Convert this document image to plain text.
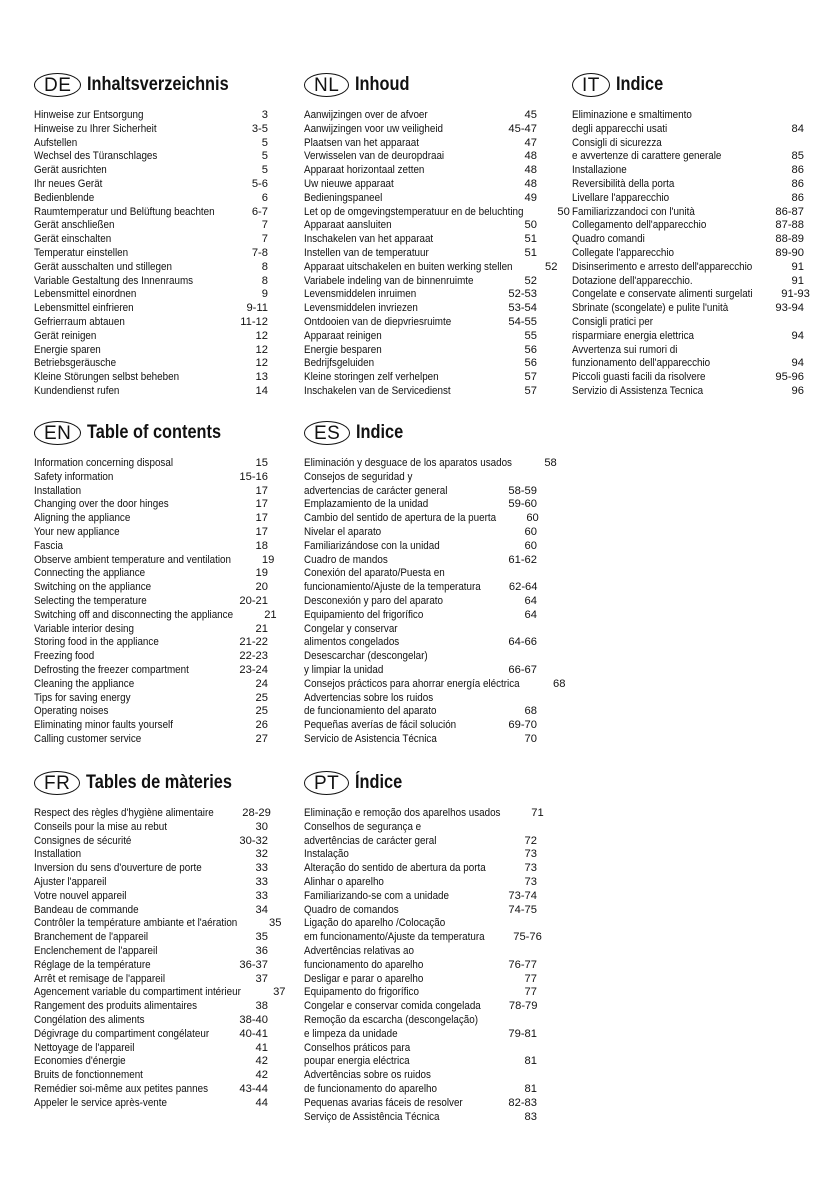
DE Inhaltsverzeichnis
Hinweise zur Entsorgung	3
Hinweise zu Ihrer Sicherheit	3-5
Aufstellen	5
Wechsel des Türanschlages	5
Gerät ausrichten	5
Ihr neues Gerät	5-6
Bedienblende	6
Raumtemperatur und Belüftung beachten	6-7
Gerät anschließen	7
Gerät einschalten	7
Temperatur einstellen	7-8
Gerät ausschalten und stillegen	8
Variable Gestaltung des Innenraums	8
Lebensmittel einordnen	9
Lebensmittel einfrieren	9-11
Gefrierraum abtauen	11-12
Gerät reinigen	12
Energie sparen	12
Betriebsgeräusche	12
Kleine Störungen selbst beheben	13
Kundendienst rufen	14
NL Inhoud
Aanwijzingen over de afvoer	45
Aanwijzingen voor uw veiligheid	45-47
Plaatsen van het apparaat	47
Verwisselen van de deuropdraai	48
Apparaat horizontaal zetten	48
Uw nieuwe apparaat	48
Bedieningspaneel	49
Let op de omgevingstemperatuur en de beluchting	50
Apparaat aansluiten	50
Inschakelen van het apparaat	51
Instellen van de temperatuur	51
Apparaat uitschakelen en buiten werking stellen	52
Variabele indeling van de binnenruimte	52
Levensmiddelen inruimen	52-53
Levensmiddelen invriezen	53-54
Ontdooien van de diepvriesruimte	54-55
Apparaat reinigen	55
Energie besparen	56
Bedrijfsgeluiden	56
Kleine storingen zelf verhelpen	57
Inschakelen van de Servicedienst	57
IT Indice
Eliminazione e smaltimento
degli apparecchi usati	84
Consigli di sicurezza
e avvertenze di carattere generale	85
Installazione	86
Reversibilità della porta	86
Livellare l'apparecchio	86
Familiarizzandoci con l'unità	86-87
Collegamento dell'apparecchio	87-88
Quadro comandi	88-89
Collegate l'apparecchio	89-90
Disinserimento e arresto dell'apparecchio	91
Dotazione dell'apparecchio.	91
Congelate e conservate alimenti surgelati	91-93
Sbrinate (scongelate) e pulite l'unità	93-94
Consigli pratici per
risparmiare energia elettrica	94
Avvertenza sui rumori di
funzionamento dell'apparecchio	94
Piccoli guasti facili da risolvere	95-96
Servizio di Assistenza Tecnica	96
EN Table of contents
Information concerning disposal	15
Safety information	15-16
Installation	17
Changing over the door hinges	17
Aligning the appliance	17
Your new appliance	17
Fascia	18
Observe ambient temperature and ventilation	19
Connecting the appliance	19
Switching on the appliance	20
Selecting the temperature	20-21
Switching off and disconnecting the appliance	21
Variable interior desing	21
Storing food in the appliance	21-22
Freezing food	22-23
Defrosting the freezer compartment	23-24
Cleaning the appliance	24
Tips for saving energy	25
Operating noises	25
Eliminating minor faults yourself	26
Calling customer service	27
ES Indice
Eliminación y desguace de los aparatos usados	58
Consejos de seguridad y
advertencias de carácter general	58-59
Emplazamiento de la unidad	59-60
Cambio del sentido de apertura de la puerta	60
Nivelar el aparato	60
Familiarizándose con la unidad	60
Cuadro de mandos	61-62
Conexión del aparato/Puesta en
funcionamiento/Ajuste de la temperatura	62-64
Desconexión y paro del aparato	64
Equipamiento del frigorífico	64
Congelar y conservar
alimentos congelados	64-66
Desescarchar (descongelar)
y limpiar la unidad	66-67
Consejos prácticos para ahorrar energía eléctrica	68
Advertencias sobre los ruidos
de funcionamiento del aparato	68
Pequeñas averías de fácil solución	69-70
Servicio de Asistencia Técnica	70
FR Tables de màteries
Respect des règles d'hygiène alimentaire	28-29
Conseils pour la mise au rebut	30
Consignes de sécurité	30-32
Installation	32
Inversion du sens d'ouverture de porte	33
Ajuster l'appareil	33
Votre nouvel appareil	33
Bandeau de commande	34
Contrôler la température ambiante et l'aération	35
Branchement de l'appareil	35
Enclenchement de l'appareil	36
Réglage de la température	36-37
Arrêt et remisage de l'appareil	37
Agencement variable du compartiment intérieur	37
Rangement des produits alimentaires	38
Congélation des aliments	38-40
Dégivrage du compartiment congélateur	40-41
Nettoyage de l'appareil	41
Economies d'énergie	42
Bruits de fonctionnement	42
Remédier soi-même aux petites pannes	43-44
Appeler le service après-vente	44
PT Índice
Eliminação e remoção dos aparelhos usados	71
Conselhos de segurança e
advertências de carácter geral	72
Instalação	73
Alteração do sentido de abertura da porta	73
Alinhar o aparelho	73
Familiarizando-se com a unidade	73-74
Quadro de comandos	74-75
Ligação do aparelho /Colocação
em funcionamento/Ajuste da temperatura	75-76
Advertências relativas ao
funcionamento do aparelho	76-77
Desligar e parar o aparelho	77
Equipamento do frigorífico	77
Congelar e conservar comida congelada	78-79
Remoção da escarcha (descongelação)
e limpeza da unidade	79-81
Conselhos práticos para
poupar energia eléctrica	81
Advertências sobre os ruidos
de funcionamento do aparelho	81
Pequenas avarias fáceis de resolver	82-83
Serviço de Assistência Técnica	83
